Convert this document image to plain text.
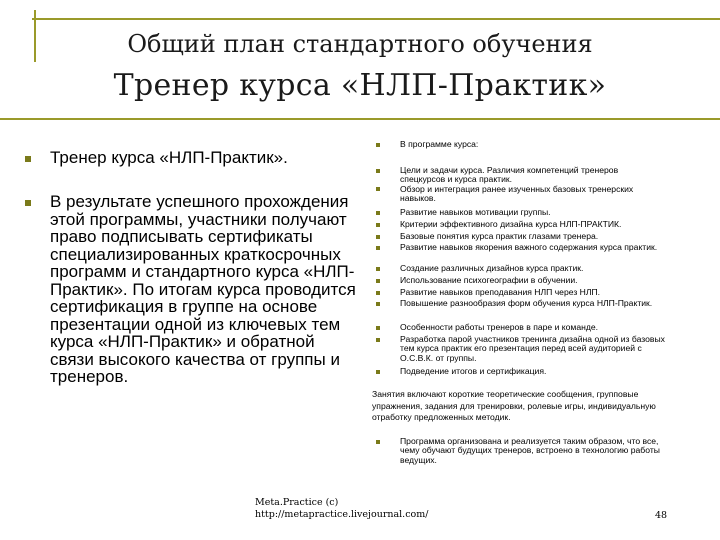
Общий план стандартного обучения
Тренер курса «НЛП-Практик»
Тренер курса «НЛП-Практик».
В результате успешного прохождения этой программы, участники получают право подписывать сертификаты специализированных краткосрочных программ и стандартного курса «НЛП-Практик». По итогам курса проводится сертификация в группе на основе презентации одной из ключевых тем курса «НЛП-Практик» и обратной связи высокого качества от группы и тренеров.
В программе курса:
Цели и задачи курса. Различия компетенций тренеров спецкурсов и курса практик.
Обзор и интеграция ранее изученных базовых тренерских навыков.
Развитие навыков мотивации группы.
Критерии эффективного дизайна курса НЛП-ПРАКТИК.
Базовые понятия курса практик глазами тренера.
Развитие навыков якорения важного содержания курса практик.
Создание различных дизайнов курса практик.
Использование психогеографии в обучении.
Развитие навыков преподавания НЛП через НЛП.
Повышение разнообразия форм обучения курса НЛП-Практик.
Особенности работы тренеров в паре и команде.
Разработка парой участников тренинга дизайна одной из базовых тем курса практик его презентация перед всей аудиторией с О.С.В.К. от группы.
Подведение итогов и сертификация.
Занятия включают короткие теоретические сообщения, групповые упражнения, задания для тренировки, ролевые игры, индивидуальную отработку предложенных методик.
Программа организована и реализуется таким образом, что все, чему обучают будущих тренеров, встроено в технологию работы ведущих.
Meta.Practice (c)
http://metapractice.livejournal.com/	48
